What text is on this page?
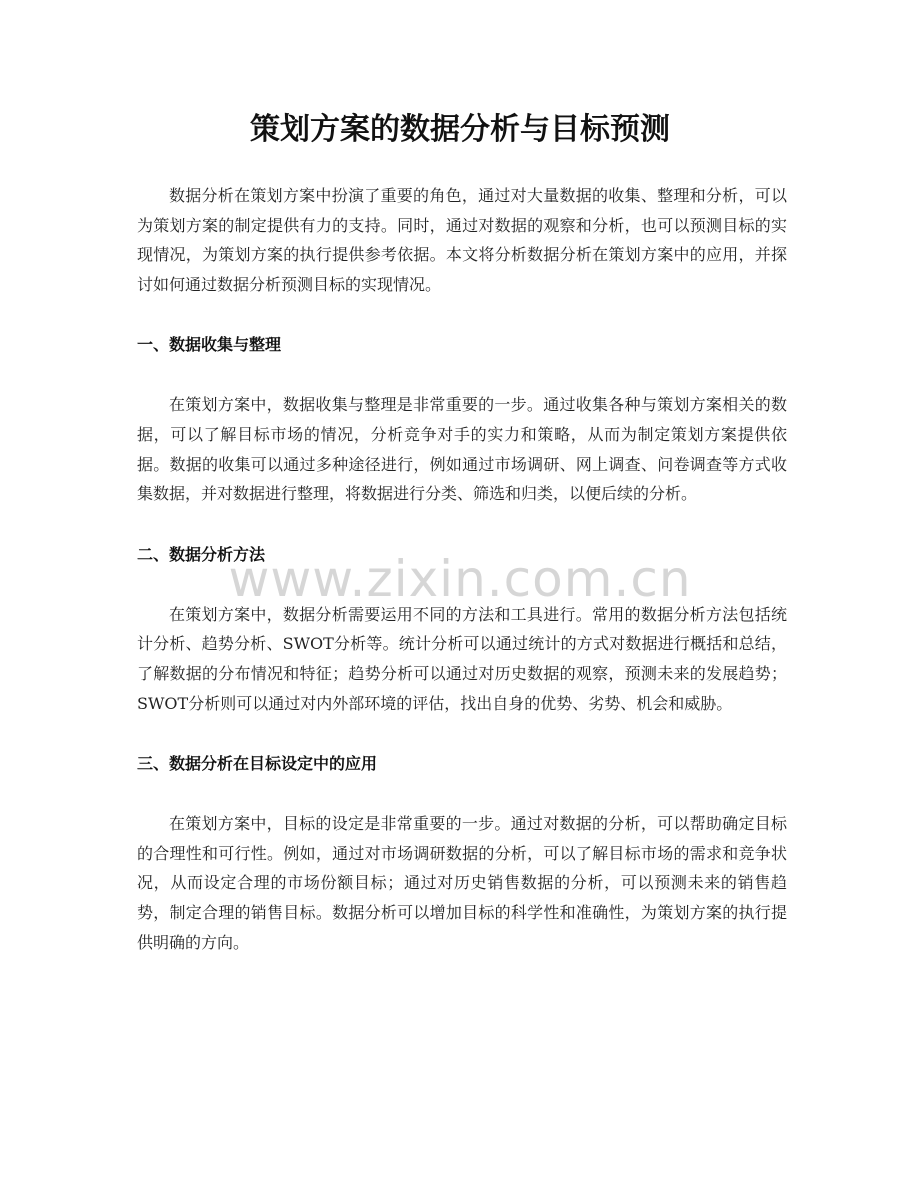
策划方案的数据分析与目标预测

数据分析在策划方案中扮演了重要的角色，通过对大量数据的收集、整理和分析，可以为策划方案的制定提供有力的支持。同时，通过对数据的观察和分析，也可以预测目标的实现情况，为策划方案的执行提供参考依据。本文将分析数据分析在策划方案中的应用，并探讨如何通过数据分析预测目标的实现情况。

一、数据收集与整理

在策划方案中，数据收集与整理是非常重要的一步。通过收集各种与策划方案相关的数据，可以了解目标市场的情况，分析竞争对手的实力和策略，从而为制定策划方案提供依据。数据的收集可以通过多种途径进行，例如通过市场调研、网上调查、问卷调查等方式收集数据，并对数据进行整理，将数据进行分类、筛选和归类，以便后续的分析。

二、数据分析方法

在策划方案中，数据分析需要运用不同的方法和工具进行。常用的数据分析方法包括统计分析、趋势分析、SWOT分析等。统计分析可以通过统计的方式对数据进行概括和总结，了解数据的分布情况和特征；趋势分析可以通过对历史数据的观察，预测未来的发展趋势；SWOT分析则可以通过对内外部环境的评估，找出自身的优势、劣势、机会和威胁。

三、数据分析在目标设定中的应用

在策划方案中，目标的设定是非常重要的一步。通过对数据的分析，可以帮助确定目标的合理性和可行性。例如，通过对市场调研数据的分析，可以了解目标市场的需求和竞争状况，从而设定合理的市场份额目标；通过对历史销售数据的分析，可以预测未来的销售趋势，制定合理的销售目标。数据分析可以增加目标的科学性和准确性，为策划方案的执行提供明确的方向。

www.zixin.com.cn
